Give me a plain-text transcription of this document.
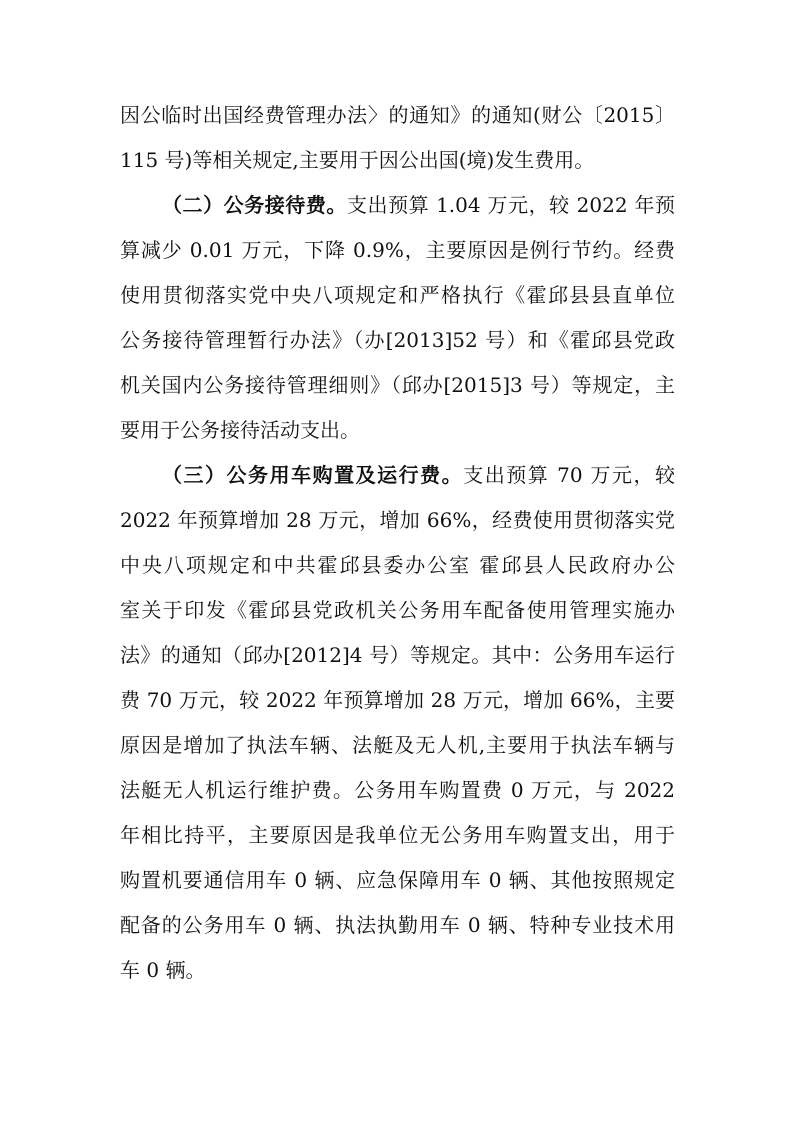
因公临时出国经费管理办法〉的通知》的通知(财公〔2015〕
115 号)等相关规定,主要用于因公出国(境)发生费用。
（二）公务接待费。支出预算 1.04 万元，较 2022 年预
算减少 0.01 万元，下降 0.9%，主要原因是例行节约。经费
使用贯彻落实党中央八项规定和严格执行《霍邱县县直单位
公务接待管理暂行办法》（办[2013]52 号）和《霍邱县党政
机关国内公务接待管理细则》（邱办[2015]3 号）等规定，主
要用于公务接待活动支出。
（三）公务用车购置及运行费。支出预算 70 万元，较
2022 年预算增加 28 万元，增加 66%，经费使用贯彻落实党
中央八项规定和中共霍邱县委办公室 霍邱县人民政府办公
室关于印发《霍邱县党政机关公务用车配备使用管理实施办
法》的通知（邱办[2012]4 号）等规定。其中：公务用车运行
费 70 万元，较 2022 年预算增加 28 万元，增加 66%，主要
原因是增加了执法车辆、法艇及无人机,主要用于执法车辆与
法艇无人机运行维护费。公务用车购置费 0 万元，与 2022
年相比持平，主要原因是我单位无公务用车购置支出，用于
购置机要通信用车 0 辆、应急保障用车 0 辆、其他按照规定
配备的公务用车 0 辆、执法执勤用车 0 辆、特种专业技术用
车 0 辆。
